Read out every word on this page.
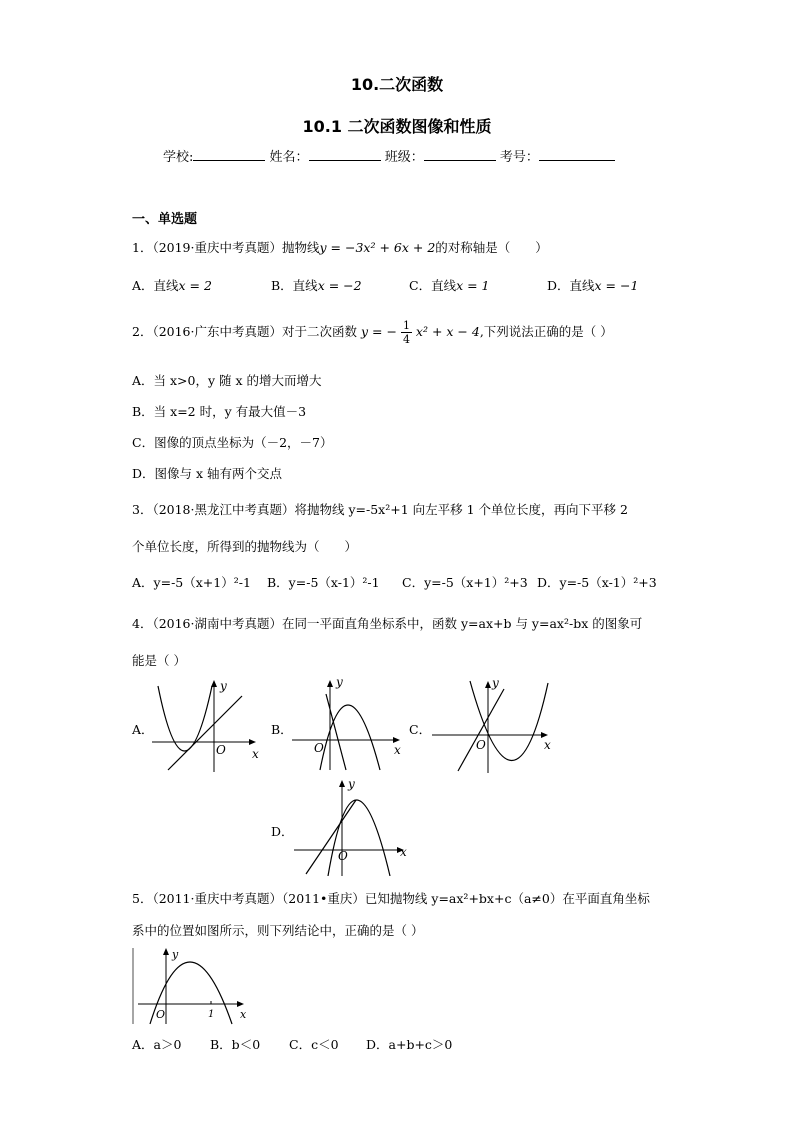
10.二次函数
10.1 二次函数图像和性质
学校:	姓名：	班级：	考号：
一、单选题
1．（2019·重庆中考真题）抛物线y = −3x² + 6x + 2的对称轴是（　　）
A．直线x = 2	B．直线x = −2	C．直线x = 1	D．直线x = −1
2．（2016·广东中考真题）对于二次函数 y = − $\frac{1}{4} x^2 + x - 4$,下列说法正确的是（ ）
A．当 x>0，y 随 x 的增大而增大
B．当 x=2 时，y 有最大值－3
C．图像的顶点坐标为（－2，－7）
D．图像与 x 轴有两个交点
3．（2018·黑龙江中考真题）将抛物线 y=-5x²+1 向左平移 1 个单位长度，再向下平移 2
个单位长度，所得到的抛物线为（　　）
A．y=-5（x+1）²-1 B．y=-5（x-1）²-1 C．y=-5（x+1）²+3 D．y=-5（x-1）²+3
4．（2016·湖南中考真题）在同一平面直角坐标系中，函数 y=ax+b 与 y=ax²-bx 的图象可
能是（ ）
A．
y
x
O
B．
y
x
O
C．
y
x
O
D．
y
x
O
5．（2011·重庆中考真题）（2011•重庆）已知抛物线 y=ax²+bx+c（a≠0）在平面直角坐标
系中的位置如图所示，则下列结论中，正确的是（ ）
y
x
O	1
A．a＞0 B．b＜0 C．c＜0 D．a+b+c＞0
